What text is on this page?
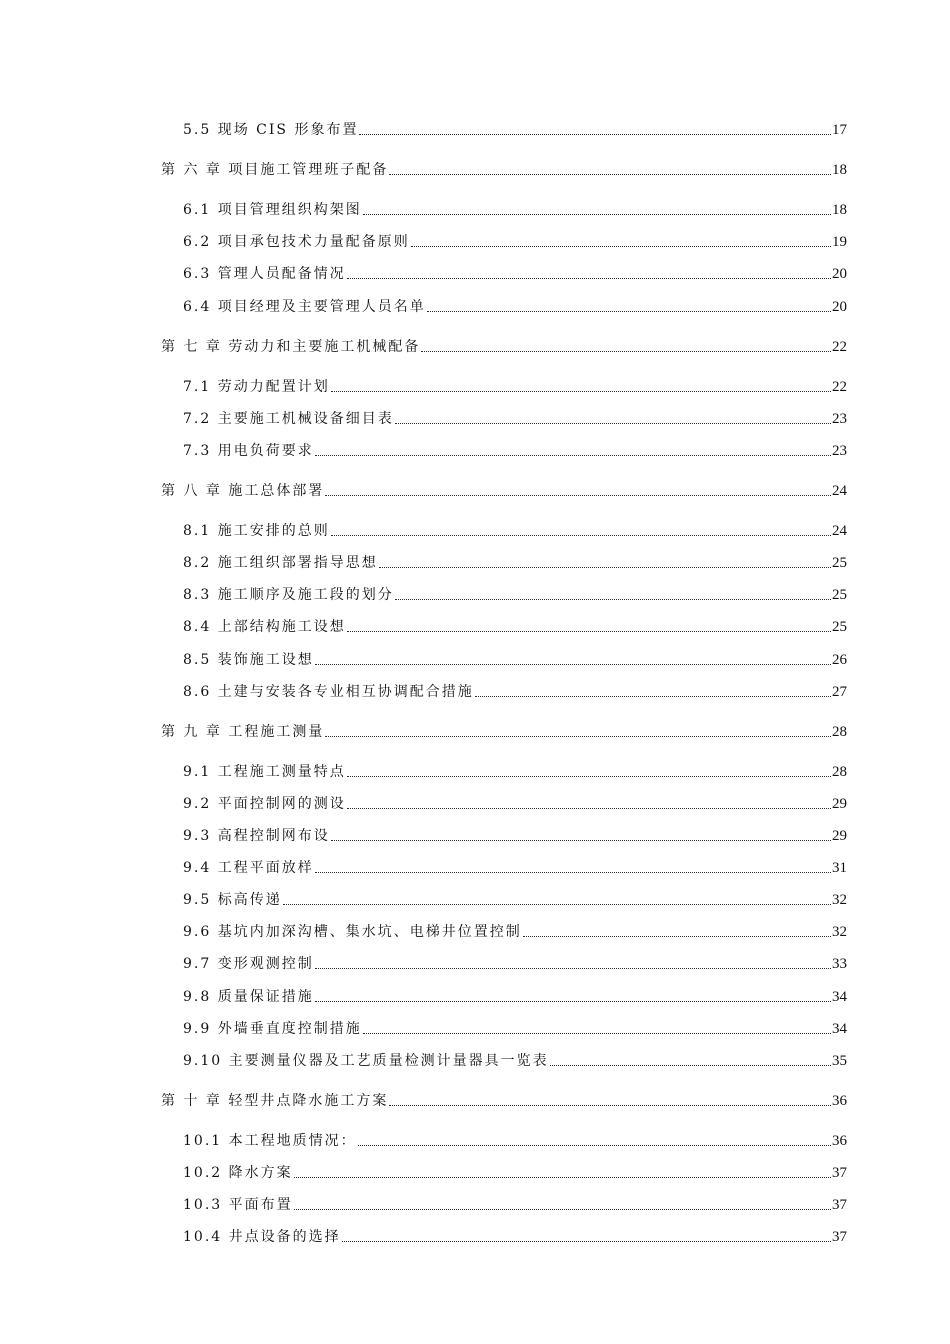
5.5 现场 CIS 形象布置	17
第 六 章 项目施工管理班子配备	18
6.1 项目管理组织构架图	18
6.2 项目承包技术力量配备原则	19
6.3 管理人员配备情况	20
6.4 项目经理及主要管理人员名单	20
第 七 章 劳动力和主要施工机械配备	22
7.1 劳动力配置计划	22
7.2 主要施工机械设备细目表	23
7.3 用电负荷要求	23
第 八 章 施工总体部署	24
8.1 施工安排的总则	24
8.2 施工组织部署指导思想	25
8.3 施工顺序及施工段的划分	25
8.4 上部结构施工设想	25
8.5 装饰施工设想	26
8.6 土建与安装各专业相互协调配合措施	27
第 九 章 工程施工测量	28
9.1 工程施工测量特点	28
9.2 平面控制网的测设	29
9.3 高程控制网布设	29
9.4 工程平面放样	31
9.5 标高传递	32
9.6 基坑内加深沟槽、集水坑、电梯井位置控制	32
9.7 变形观测控制	33
9.8 质量保证措施	34
9.9 外墙垂直度控制措施	34
9.10 主要测量仪器及工艺质量检测计量器具一览表	35
第 十 章 轻型井点降水施工方案	36
10.1 本工程地质情况：	36
10.2 降水方案	37
10.3 平面布置	37
10.4 井点设备的选择	37
